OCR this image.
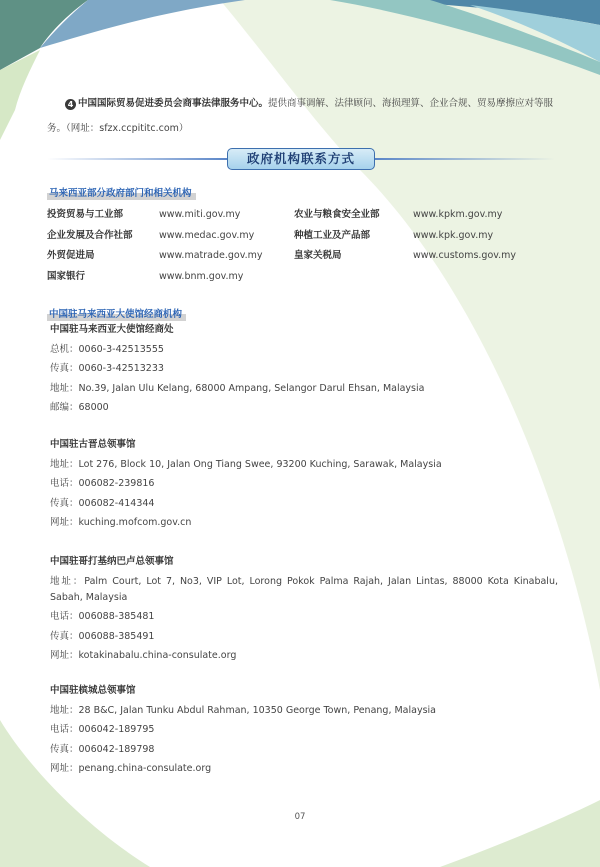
4 中国国际贸易促进委员会商事法律服务中心。提供商事调解、法律顾问、海损理算、企业合规、贸易摩擦应对等服务。（网址：sfzx.ccpititc.com）
政府机构联系方式
马来西亚部分政府部门和相关机构
投资贸易与工业部	www.miti.gov.my	农业与粮食安全业部	www.kpkm.gov.my
企业发展及合作社部	www.medac.gov.my	种植工业及产品部	www.kpk.gov.my
外贸促进局	www.matrade.gov.my	皇家关税局	www.customs.gov.my
国家银行	www.bnm.gov.my
中国驻马来西亚大使馆经商机构
中国驻马来西亚大使馆经商处
总机：0060-3-42513555
传真：0060-3-42513233
地址：No.39, Jalan Ulu Kelang, 68000 Ampang, Selangor Darul Ehsan, Malaysia
邮编：68000
中国驻古晋总领事馆
地址：Lot 276, Block 10, Jalan Ong Tiang Swee, 93200 Kuching, Sarawak, Malaysia
电话：006082-239816
传真：006082-414344
网址：kuching.mofcom.gov.cn
中国驻哥打基纳巴卢总领事馆
地址：Palm Court, Lot 7, No3, VIP Lot, Lorong Pokok Palma Rajah, Jalan Lintas, 88000 Kota Kinabalu, Sabah, Malaysia
电话：006088-385481
传真：006088-385491
网址：kotakinabalu.china-consulate.org
中国驻槟城总领事馆
地址：28 B&C, Jalan Tunku Abdul Rahman, 10350 George Town, Penang, Malaysia
电话：006042-189795
传真：006042-189798
网址：penang.china-consulate.org
07
